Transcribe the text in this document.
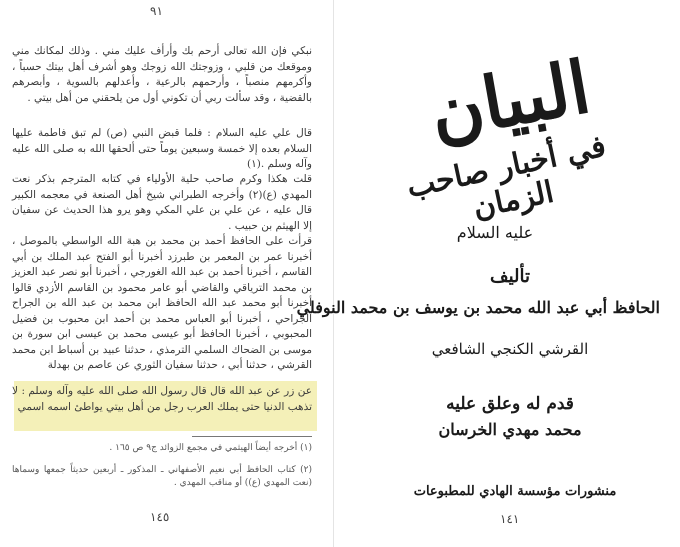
نبكي فإن الله تعالى أرحم بك وأرأف عليك مني . وذلك لمكانك مني وموقعك من قلبي ، وزوجتك الله زوجك وهو أشرف أهل بيتك حسباً ، وأكرمهم منصباً ، وأرحمهم بالرعية ، وأعدلهم بالسوية ، وأبصرهم بالقضية ، وقد سألت ربي أن تكوني أول من يلحقني من أهل بيتي .
قال علي عليه السلام : فلما قبض النبي (ص) لم تبق فاطمة عليها السلام بعده إلا خمسة وسبعين يوماً حتى ألحقها الله به صلى الله عليه وآله وسلم .(١)
قلت هكذا وكرم صاحب حلية الأولياء في كتابه المترجم بذكر نعت المهدي (ع)(٢) وأخرجه الطبراني شيخ أهل الصنعة في معجمه الكبير قال عليه ، عن علي بن علي المكي وهو يرو هذا الحديث عن سفيان إلا الهيثم بن حبيب .
قرأت على الحافظ أحمد بن محمد بن هبة الله الواسطي بالموصل ، أخبرنا عمر بن المعمر بن طبرزد أخبرنا أبو الفتح عبد الملك بن أبي القاسم ، أخبرنا أحمد بن عبد الله الغورجي ، أخبرنا أبو نصر عبد العزيز بن محمد الترياقي والقاضي أبو عامر محمود بن القاسم الأزدي قالوا أخبرنا أبو محمد عبد الله الحافظ ابن محمد بن عبد الله بن الجراح الجراحي ، أخبرنا أبو العباس محمد بن أحمد ابن محبوب بن فضيل المحبوبي ، أخبرنا الحافظ أبو عيسى محمد بن عيسى ابن سورة بن موسى بن الضحاك السلمي الترمذي ، حدثنا عبيد بن أسباط ابن محمد القرشي ، حدثنا أبي ، حدثنا سفيان الثوري عن عاصم بن بهدلة
عن زر عن عبد الله قال قال رسول الله صلى الله عليه وآله وسلم : لا تذهب الدنيا حتى يملك العرب رجل من أهل بيتي يواطئ اسمه اسمي
(١) أخرجه أيضاً الهيثمي في مجمع الزوائد ج٩ ص ١٦٥ .
(٢) كتاب الحافظ أبي نعيم الأصفهاني ـ المذكور ـ أربعين حديثاً جمعها وسماها (نعت المهدي (ع)) أو مناقب المهدي .
٩١
١٤٥
البيان
في أخبار صاحب الزمان
عليه السلام
تأليف
الحافظ أبي عبد الله محمد بن يوسف بن محمد النوفلي
القرشي الكنجي الشافعي
قدم له وعلق عليه
محمد مهدي الخرسان
منشورات مؤسسة الهادي للمطبوعات
١٤١
